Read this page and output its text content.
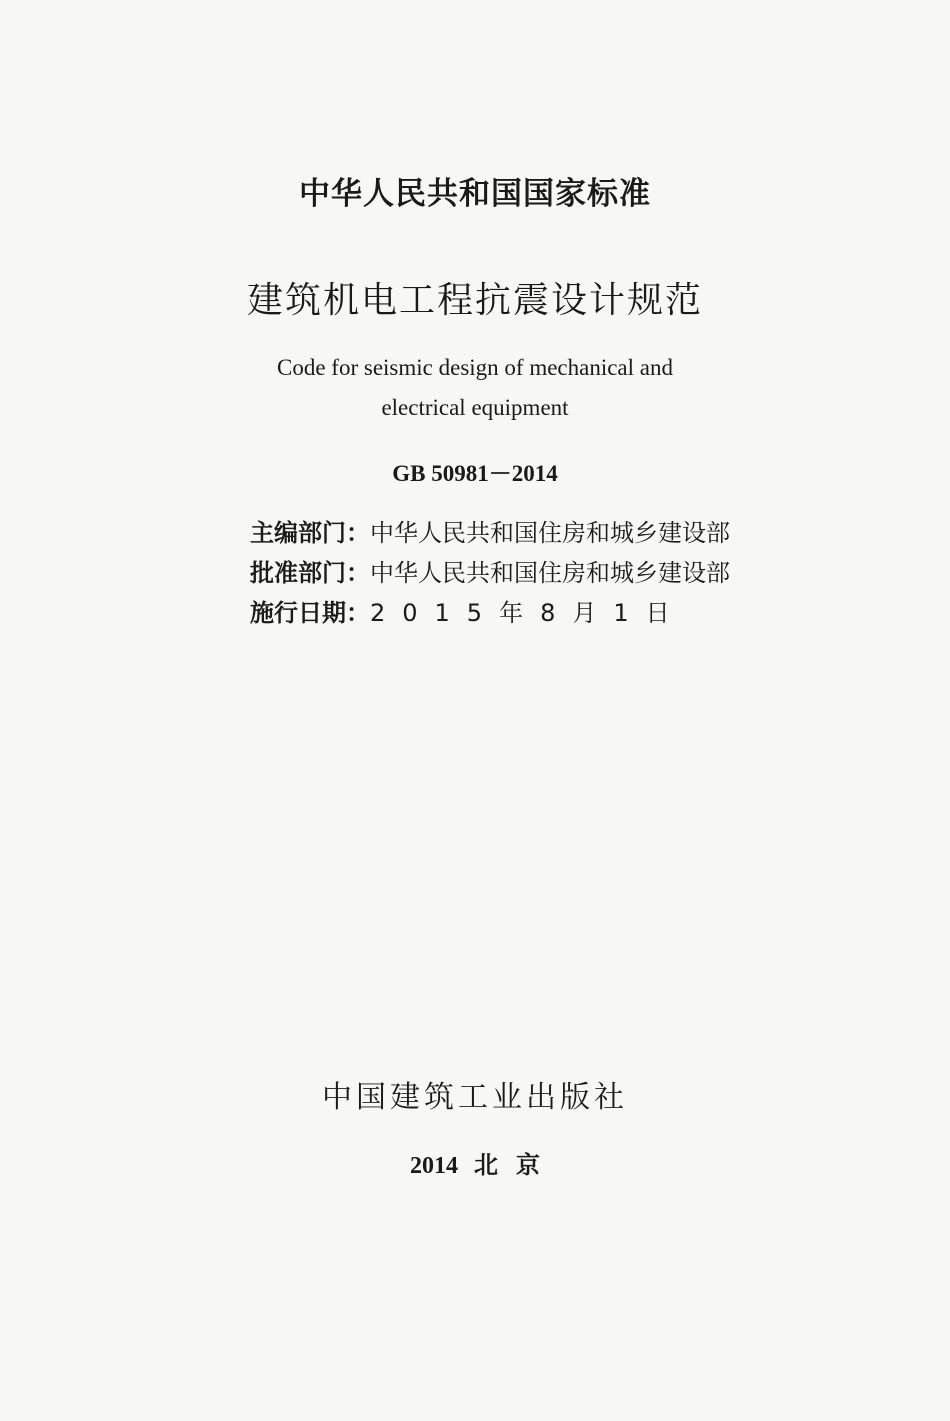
中华人民共和国国家标准
建筑机电工程抗震设计规范
Code for seismic design of mechanical and
electrical equipment
GB 50981－2014
主编部门：中华人民共和国住房和城乡建设部
批准部门：中华人民共和国住房和城乡建设部
施行日期：2015年8月1日
中国建筑工业出版社
2014 北 京
